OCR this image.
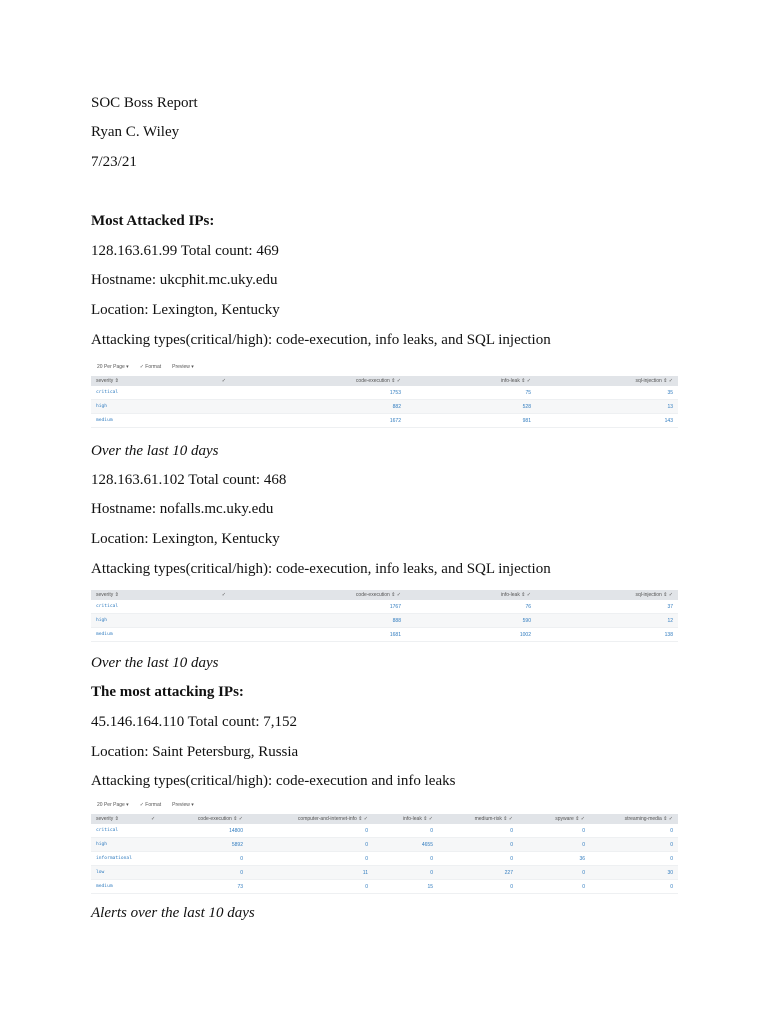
SOC Boss Report
Ryan C. Wiley
7/23/21
Most Attacked IPs:
128.163.61.99 Total count: 469
Hostname: ukcphit.mc.uky.edu
Location: Lexington, Kentucky
Attacking types(critical/high): code-execution, info leaks, and SQL injection
20 Per Page ▾ ✓ Format Preview ▾
severity ⇕	✓	code-execution ⇕ ✓	info-leak ⇕ ✓	sql-injection ⇕ ✓
critical		1753	75	35
high		882	528	13
medium		1672	981	143
Over the last 10 days
128.163.61.102 Total count: 468
Hostname: nofalls.mc.uky.edu
Location: Lexington, Kentucky
Attacking types(critical/high): code-execution, info leaks, and SQL injection
severity ⇕	✓	code-execution ⇕ ✓	info-leak ⇕ ✓	sql-injection ⇕ ✓
critical		1767	76	37
high		888	590	12
medium		1681	1002	138
Over the last 10 days
The most attacking IPs:
45.146.164.110 Total count: 7,152
Location: Saint Petersburg, Russia
Attacking types(critical/high): code-execution and info leaks
20 Per Page ▾ ✓ Format Preview ▾
severity ⇕	✓	code-execution ⇕ ✓	computer-and-internet-info ⇕ ✓	info-leak ⇕ ✓	medium-risk ⇕ ✓	spyware ⇕ ✓	streaming-media ⇕ ✓
critical		14800	0	0	0	0	0
high		5892	0	4655	0	0	0
informational		0	0	0	0	36	0
low		0	11	0	227	0	30
medium		73	0	15	0	0	0
Alerts over the last 10 days
